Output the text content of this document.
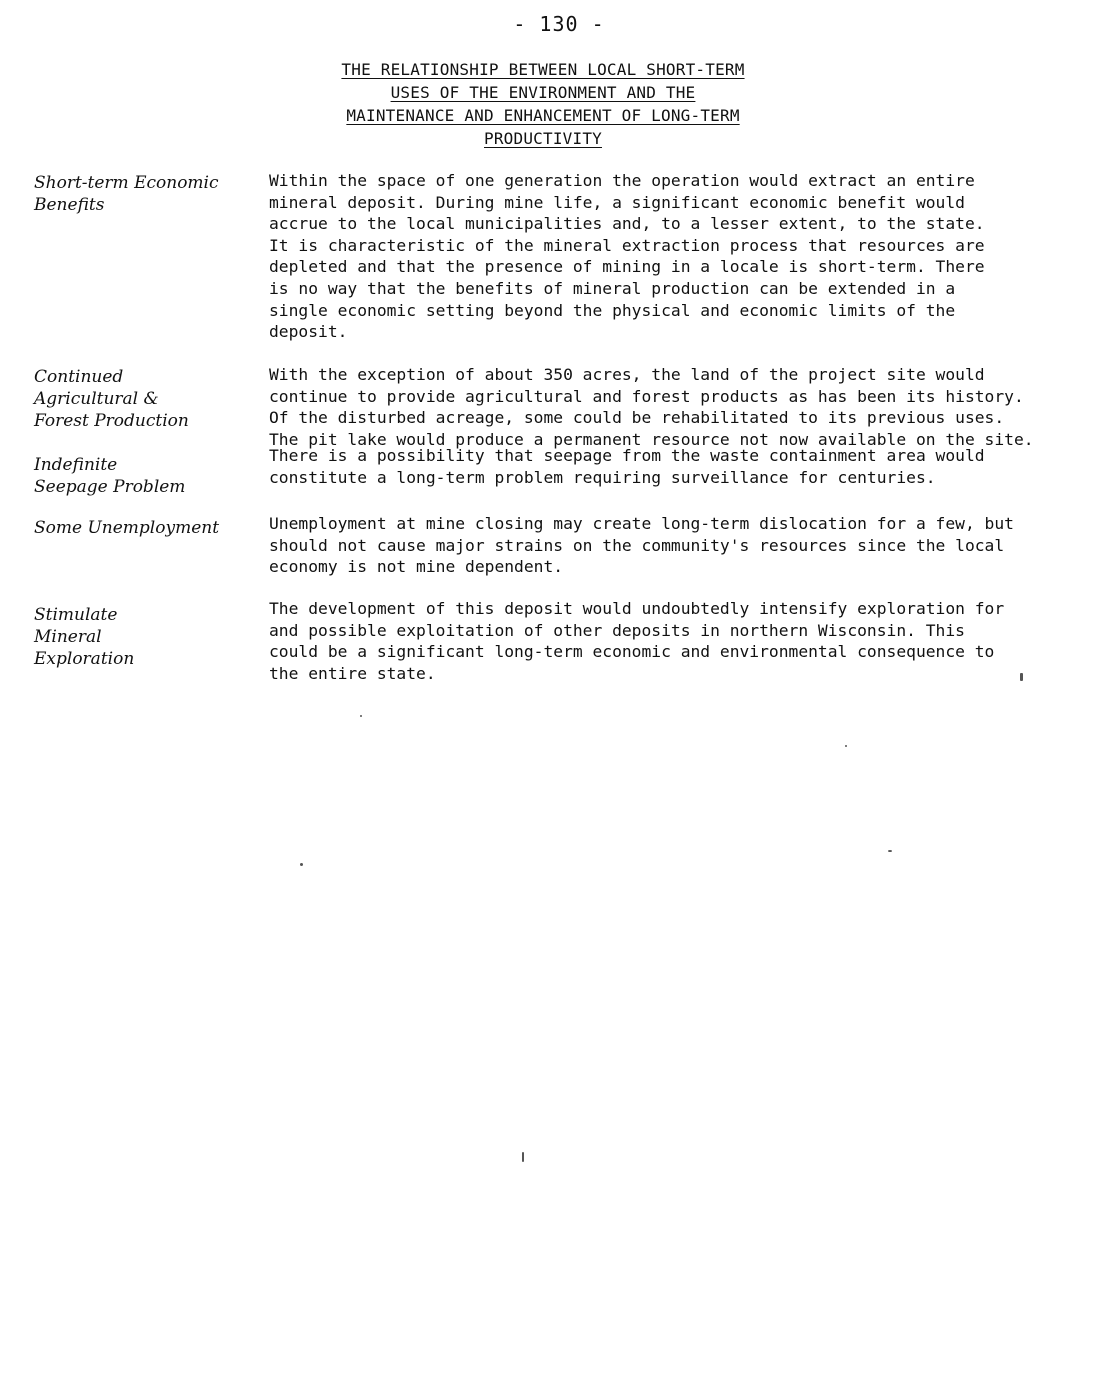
- 130 -
THE RELATIONSHIP BETWEEN LOCAL SHORT-TERM
USES OF THE ENVIRONMENT AND THE
MAINTENANCE AND ENHANCEMENT OF LONG-TERM
PRODUCTIVITY
Short-term Economic
Benefits
Within the space of one generation the operation would extract an entire
mineral deposit. During mine life, a significant economic benefit would
accrue to the local municipalities and, to a lesser extent, to the state.
It is characteristic of the mineral extraction process that resources are
depleted and that the presence of mining in a locale is short-term. There
is no way that the benefits of mineral production can be extended in a
single economic setting beyond the physical and economic limits of the
deposit.
Continued
Agricultural &
Forest Production
With the exception of about 350 acres, the land of the project site would
continue to provide agricultural and forest products as has been its history.
Of the disturbed acreage, some could be rehabilitated to its previous uses.
The pit lake would produce a permanent resource not now available on the site.
Indefinite
Seepage Problem
There is a possibility that seepage from the waste containment area would
constitute a long-term problem requiring surveillance for centuries.
Some Unemployment	Unemployment at mine closing may create long-term dislocation for a few, but
should not cause major strains on the community's resources since the local
economy is not mine dependent.
Stimulate
Mineral
Exploration
The development of this deposit would undoubtedly intensify exploration for
and possible exploitation of other deposits in northern Wisconsin. This
could be a significant long-term economic and environmental consequence to
the entire state.
